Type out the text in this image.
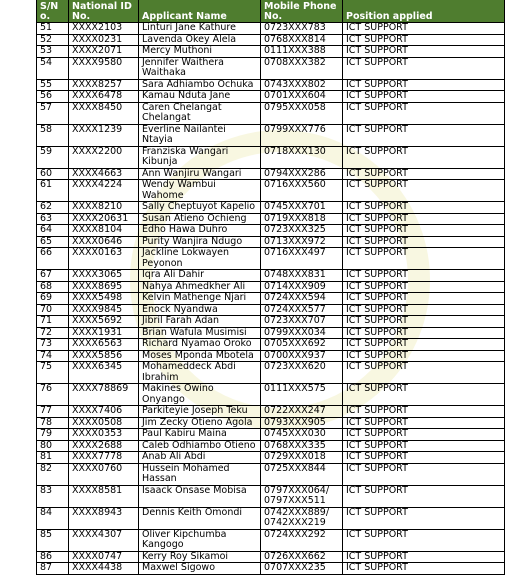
S/N o.	National ID No.	Applicant Name	Mobile Phone No.	Position applied
51	XXXX2103	Linturi Jane Kathure	0723XXX783	ICT SUPPORT
52	XXXX0231	Lavenda Okey Alela	0768XXX814	ICT SUPPORT
53	XXXX2071	Mercy Muthoni	0111XXX388	ICT SUPPORT
54	XXXX9580	Jennifer Waithera Waithaka	0708XXX382	ICT SUPPORT
55	XXXX8257	Sara Adhiambo Ochuka	0743XXX802	ICT SUPPORT
56	XXXX6478	Kamau Nduta Jane	0701XXX604	ICT SUPPORT
57	XXXX8450	Caren Chelangat Chelangat	0795XXX058	ICT SUPPORT
58	XXXX1239	Everline Nailantei Ntayia	0799XXX776	ICT SUPPORT
59	XXXX2200	Franziska Wangari Kibunja	0718XXX130	ICT SUPPORT
60	XXXX4663	Ann Wanjiru Wangari	0794XXX286	ICT SUPPORT
61	XXXX4224	Wendy Wambui Wahome	0716XXX560	ICT SUPPORT
62	XXXX8210	Sally Cheptuyot Kapelio	0745XXX701	ICT SUPPORT
63	XXXX20631	Susan Atieno Ochieng	0719XXX818	ICT SUPPORT
64	XXXX8104	Edho Hawa Duhro	0723XXX325	ICT SUPPORT
65	XXXX0646	Purity Wanjira Ndugo	0713XXX972	ICT SUPPORT
66	XXXX0163	Jackline Lokwayen Peyonon	0716XXX497	ICT SUPPORT
67	XXXX3065	Iqra Ali Dahir	0748XXX831	ICT SUPPORT
68	XXXX8695	Nahya Ahmedkher Ali	0714XXX909	ICT SUPPORT
69	XXXX5498	Kelvin Mathenge Njari	0724XXX594	ICT SUPPORT
70	XXXX9845	Enock Nyandwa	0724XXX577	ICT SUPPORT
71	XXXX5692	Jibril Farah Adan	0723XXX707	ICT SUPPORT
72	XXXX1931	Brian Wafula Musimisi	0799XXX034	ICT SUPPORT
73	XXXX6563	Richard Nyamao Oroko	0705XXX692	ICT SUPPORT
74	XXXX5856	Moses Mponda Mbotela	0700XXX937	ICT SUPPORT
75	XXXX6345	Mohameddeck Abdi Ibrahim	0723XXX620	ICT SUPPORT
76	XXXX78869	Makines Owino Onyango	0111XXX575	ICT SUPPORT
77	XXXX7406	Parkiteyie Joseph Teku	0722XXX247	ICT SUPPORT
78	XXXX0508	Jim Zecky Otieno Agola	0793XXX905	ICT SUPPORT
79	XXXX0353	Paul Kabiru Maina	0745XXX030	ICT SUPPORT
80	XXXX2688	Caleb Odhiambo Otieno	0768XXX335	ICT SUPPORT
81	XXXX7778	Anab Ali Abdi	0729XXX018	ICT SUPPORT
82	XXXX0760	Hussein Mohamed Hassan	0725XXX844	ICT SUPPORT
83	XXXX8581	Isaack Onsase Mobisa	0797XXX064/ 0797XXX511	ICT SUPPORT
84	XXXX8943	Dennis Keith Omondi	0742XXX889/ 0742XXX219	ICT SUPPORT
85	XXXX4307	Oliver Kipchumba Kangogo	0724XXX292	ICT SUPPORT
86	XXXX0747	Kerry Roy Sikamoi	0726XXX662	ICT SUPPORT
87	XXXX4438	Maxwel Sigowo	0707XXX235	ICT SUPPORT
